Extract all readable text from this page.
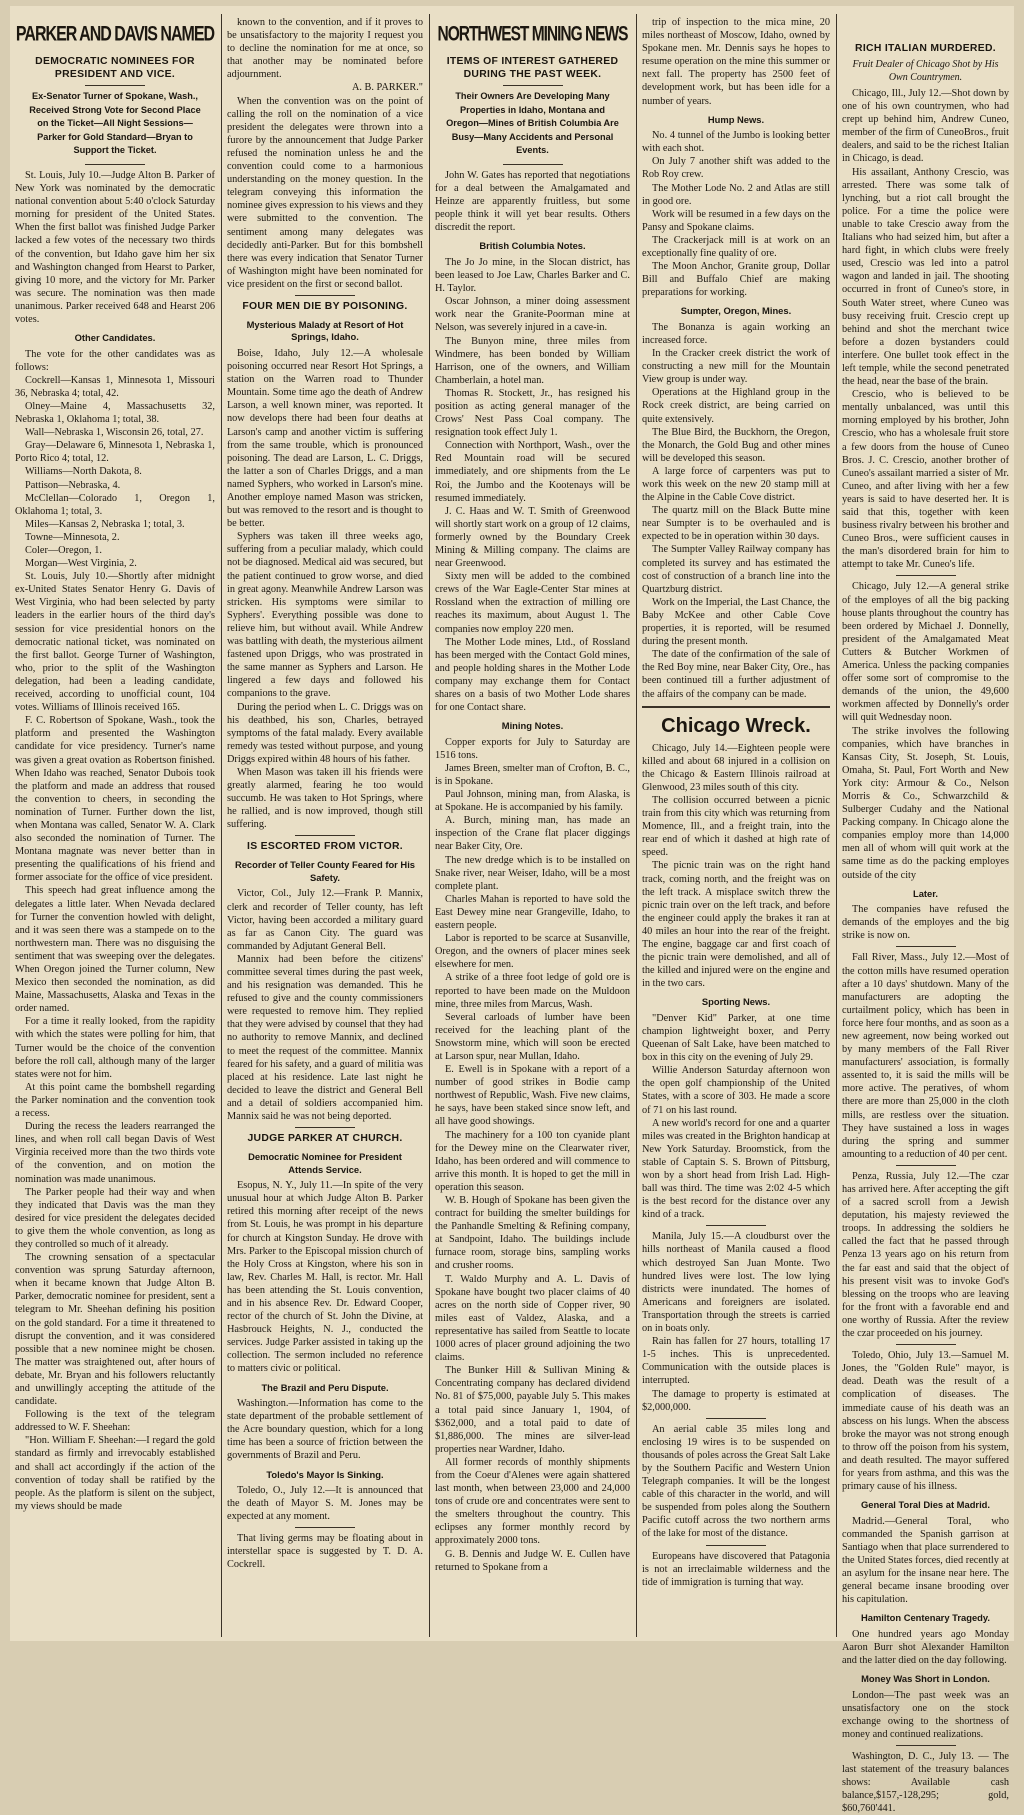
PARKER AND DAVIS NAMED
DEMOCRATIC NOMINEES FOR PRESIDENT AND VICE.
Ex-Senator Turner of Spokane, Wash., Received Strong Vote for Second Place on the Ticket—All Night Sessions—Parker for Gold Standard—Bryan to Support the Ticket.

St. Louis, July 10.—Judge Alton B. Parker of New York was nominated by the democratic national convention about 5:40 o'clock Saturday morning for president of the United States. When the first ballot was finished Judge Parker lacked a few votes of the necessary two thirds of the convention, but Idaho gave him her six and Washington changed from Hearst to Parker, giving 10 more, and the victory for Mr. Parker was secure. The nomination was then made unanimous. Parker received 648 and Hearst 206 votes.

Other Candidates.

The vote for the other candidates was as follows:

Cockrell—Kansas 1, Minnesota 1, Missouri 36, Nebraska 4; total, 42.

Olney—Maine 4, Massachusetts 32, Nebraska 1, Oklahoma 1; total, 38.

Wall—Nebraska 1, Wisconsin 26, total, 27.

Gray—Delaware 6, Minnesota 1, Nebraska 1, Porto Rico 4; total, 12.

Williams—North Dakota, 8.

Pattison—Nebraska, 4.

McClellan—Colorado 1, Oregon 1, Oklahoma 1; total, 3.

Miles—Kansas 2, Nebraska 1; total, 3.

Towne—Minnesota, 2.

Coler—Oregon, 1.

Morgan—West Virginia, 2.

St. Louis, July 10.—Shortly after midnight ex-United States Senator Henry G. Davis of West Virginia, who had been selected by party leaders in the earlier hours of the third day's session for vice presidential honors on the democratic national ticket, was nominated on the first ballot. George Turner of Washington, who, prior to the split of the Washington delegation, had been a leading candidate, received, according to unofficial count, 104 votes. Williams of Illinois received 165.

F. C. Robertson of Spokane, Wash., took the platform and presented the Washington candidate for vice presidency. Turner's name was given a great ovation as Robertson finished. When Idaho was reached, Senator Dubois took the platform and made an address that roused the convention to cheers, in seconding the nomination of Turner. Further down the list, when Montana was called, Senator W. A. Clark also seconded the nomination of Turner. The Montana magnate was never better than in presenting the qualifications of his friend and former associate for the office of vice president.

This speech had great influence among the delegates a little later. When Nevada declared for Turner the convention howled with delight, and it was seen there was a stampede on to the northwestern man. There was no disguising the sentiment that was sweeping over the delegates. When Oregon joined the Turner column, New Mexico then seconded the nomination, as did Maine, Massachusetts, Alaska and Texas in the order named.

For a time it really looked, from the rapidity with which the states were polling for him, that Turner would be the choice of the convention before the roll call, although many of the larger states were not for him.

At this point came the bombshell regarding the Parker nomination and the convention took a recess.

During the recess the leaders rearranged the lines, and when roll call began Davis of West Virginia received more than the two thirds vote of the convention, and on motion the nomination was made unanimous.

The Parker people had their way and when they indicated that Davis was the man they desired for vice president the delegates decided to give them the whole convention, as long as they controlled so much of it already.

The crowning sensation of a spectacular convention was sprung Saturday afternoon, when it became known that Judge Alton B. Parker, democratic nominee for president, sent a telegram to Mr. Sheehan defining his position on the gold standard. For a time it threatened to disrupt the convention, and it was considered possible that a new nominee might be chosen. The matter was straightened out, after hours of debate, Mr. Bryan and his followers reluctantly and unwillingly accepting the attitude of the candidate.

Following is the text of the telegram addressed to W. F. Sheehan:

"Hon. William F. Sheehan:—I regard the gold standard as firmly and irrevocably established and shall act accordingly if the action of the convention of today shall be ratified by the people. As the platform is silent on the subject, my views should be made

known to the convention, and if it proves to be unsatisfactory to the majority I request you to decline the nomination for me at once, so that another may be nominated before adjournment.

A. B. PARKER."

When the convention was on the point of calling the roll on the nomination of a vice president the delegates were thrown into a furore by the announcement that Judge Parker refused the nomination unless he and the convention could come to a harmonious understanding on the money question. In the telegram conveying this information the nominee gives expression to his views and they were submitted to the convention. The sentiment among many delegates was decidedly anti-Parker. But for this bombshell there was every indication that Senator Turner of Washington might have been nominated for vice president on the first or second ballot.

FOUR MEN DIE BY POISONING.
Mysterious Malady at Resort of Hot Springs, Idaho.

Boise, Idaho, July 12.—A wholesale poisoning occurred near Resort Hot Springs, a station on the Warren road to Thunder Mountain. Some time ago the death of Andrew Larson, a well known miner, was reported. It now develops there had been four deaths at Larson's camp and another victim is suffering from the same trouble, which is pronounced poisoning. The dead are Larson, L. C. Driggs, the latter a son of Charles Driggs, and a man named Syphers, who worked in Larson's mine. Another employe named Mason was stricken, but was removed to the resort and is thought to be better.

Syphers was taken ill three weeks ago, suffering from a peculiar malady, which could not be diagnosed. Medical aid was secured, but the patient continued to grow worse, and died in great agony. Meanwhile Andrew Larson was stricken. His symptoms were similar to Syphers'. Everything possible was done to relieve him, but without avail. While Andrew was battling with death, the mysterious ailment fastened upon Driggs, who was prostrated in the same manner as Syphers and Larson. He lingered a few days and followed his companions to the grave.

During the period when L. C. Driggs was on his deathbed, his son, Charles, betrayed symptoms of the fatal malady. Every available remedy was tested without purpose, and young Driggs expired within 48 hours of his father.

When Mason was taken ill his friends were greatly alarmed, fearing he too would succumb. He was taken to Hot Springs, where he rallied, and is now improved, though still suffering.

IS ESCORTED FROM VICTOR.
Recorder of Teller County Feared for His Safety.

Victor, Col., July 12.—Frank P. Mannix, clerk and recorder of Teller county, has left Victor, having been accorded a military guard as far as Canon City. The guard was commanded by Adjutant General Bell.

Mannix had been before the citizens' committee several times during the past week, and his resignation was demanded. This he refused to give and the county commissioners were requested to remove him. They replied that they were advised by counsel that they had no authority to remove Mannix, and declined to meet the request of the committee. Mannix feared for his safety, and a guard of militia was placed at his residence. Late last night he decided to leave the district and General Bell and a detail of soldiers accompanied him. Mannix said he was not being deported.

JUDGE PARKER AT CHURCH.
Democratic Nominee for President Attends Service.

Esopus, N. Y., July 11.—In spite of the very unusual hour at which Judge Alton B. Parker retired this morning after receipt of the news from St. Louis, he was prompt in his departure for church at Kingston Sunday. He drove with Mrs. Parker to the Episcopal mission church of the Holy Cross at Kingston, where his son in law, Rev. Charles M. Hall, is rector. Mr. Hall has been attending the St. Louis convention, and in his absence Rev. Dr. Edward Cooper, rector of the church of St. John the Divine, at Hasbrouck Heights, N. J., conducted the services. Judge Parker assisted in taking up the collection. The sermon included no reference to matters civic or political.

The Brazil and Peru Dispute.

Washington.—Information has come to the state department of the probable settlement of the Acre boundary question, which for a long time has been a source of friction between the governments of Brazil and Peru.

Toledo's Mayor Is Sinking.

Toledo, O., July 12.—It is announced that the death of Mayor S. M. Jones may be expected at any moment.

That living germs may be floating about in interstellar space is suggested by T. D. A. Cockrell.

NORTHWEST MINING NEWS
ITEMS OF INTEREST GATHERED DURING THE PAST WEEK.
Their Owners Are Developing Many Properties in Idaho, Montana and Oregon—Mines of British Columbia Are Busy—Many Accidents and Personal Events.

John W. Gates has reported that negotiations for a deal between the Amalgamated and Heinze are apparently fruitless, but some people think it will yet bear results. Others discredit the report.

British Columbia Notes.

The Jo Jo mine, in the Slocan district, has been leased to Joe Law, Charles Barker and C. H. Taylor.

Oscar Johnson, a miner doing assessment work near the Granite-Poorman mine at Nelson, was severely injured in a cave-in.

The Bunyon mine, three miles from Windmere, has been bonded by William Harrison, one of the owners, and William Chamberlain, a hotel man.

Thomas R. Stockett, Jr., has resigned his position as acting general manager of the Crows' Nest Pass Coal company. The resignation took effect July 1.

Connection with Northport, Wash., over the Red Mountain road will be secured immediately, and ore shipments from the Le Roi, the Jumbo and the Kootenays will be resumed immediately.

J. C. Haas and W. T. Smith of Greenwood will shortly start work on a group of 12 claims, formerly owned by the Boundary Creek Mining & Milling company. The claims are near Greenwood.

Sixty men will be added to the combined crews of the War Eagle-Center Star mines at Rossland when the extraction of milling ore reaches its maximum, about August 1. The companies now employ 220 men.

The Mother Lode mines, Ltd., of Rossland has been merged with the Contact Gold mines, and people holding shares in the Mother Lode company may exchange them for Contact shares on a basis of two Mother Lode shares for one Contact share.

Mining Notes.

Copper exports for July to Saturday are 1516 tons.

James Breen, smelter man of Crofton, B. C., is in Spokane.

Paul Johnson, mining man, from Alaska, is at Spokane. He is accompanied by his family.

A. Burch, mining man, has made an inspection of the Crane flat placer diggings near Baker City, Ore.

The new dredge which is to be installed on Snake river, near Weiser, Idaho, will be a most complete plant.

Charles Mahan is reported to have sold the East Dewey mine near Grangeville, Idaho, to eastern people.

Labor is reported to be scarce at Susanville, Oregon, and the owners of placer mines seek elsewhere for men.

A strike of a three foot ledge of gold ore is reported to have been made on the Muldoon mine, three miles from Marcus, Wash.

Several carloads of lumber have been received for the leaching plant of the Snowstorm mine, which will soon be erected at Larson spur, near Mullan, Idaho.

E. Ewell is in Spokane with a report of a number of good strikes in Bodie camp northwest of Republic, Wash. Five new claims, he says, have been staked since snow left, and all have good showings.

The machinery for a 100 ton cyanide plant for the Dewey mine on the Clearwater river, Idaho, has been ordered and will commence to arrive this month. It is hoped to get the mill in operation this season.

W. B. Hough of Spokane has been given the contract for building the smelter buildings for the Panhandle Smelting & Refining company, at Sandpoint, Idaho. The buildings include furnace room, storage bins, sampling works and crusher rooms.

T. Waldo Murphy and A. L. Davis of Spokane have bought two placer claims of 40 acres on the north side of Copper river, 90 miles east of Valdez, Alaska, and a representative has sailed from Seattle to locate 1000 acres of placer ground adjoining the two claims.

The Bunker Hill & Sullivan Mining & Concentrating company has declared dividend No. 81 of $75,000, payable July 5. This makes a total paid since January 1, 1904, of $362,000, and a total paid to date of $1,886,000. The mines are silver-lead properties near Wardner, Idaho.

All former records of monthly shipments from the Coeur d'Alenes were again shattered last month, when between 23,000 and 24,000 tons of crude ore and concentrates were sent to the smelters throughout the country. This eclipses any former monthly record by approximately 2000 tons.

G. B. Dennis and Judge W. E. Cullen have returned to Spokane from a

trip of inspection to the mica mine, 20 miles northeast of Moscow, Idaho, owned by Spokane men. Mr. Dennis says he hopes to resume operation on the mine this summer or next fall. The property has 2500 feet of development work, but has been idle for a number of years.

Hump News.

No. 4 tunnel of the Jumbo is looking better with each shot.

On July 7 another shift was added to the Rob Roy crew.

The Mother Lode No. 2 and Atlas are still in good ore.

Work will be resumed in a few days on the Pansy and Spokane claims.

The Crackerjack mill is at work on an exceptionally fine quality of ore.

The Moon Anchor, Granite group, Dollar Bill and Buffalo Chief are making preparations for working.

Sumpter, Oregon, Mines.

The Bonanza is again working an increased force.

In the Cracker creek district the work of constructing a new mill for the Mountain View group is under way.

Operations at the Highland group in the Rock creek district, are being carried on quite extensively.

The Blue Bird, the Buckhorn, the Oregon, the Monarch, the Gold Bug and other mines will be developed this season.

A large force of carpenters was put to work this week on the new 20 stamp mill at the Alpine in the Cable Cove district.

The quartz mill on the Black Butte mine near Sumpter is to be overhauled and is expected to be in operation within 30 days.

The Sumpter Valley Railway company has completed its survey and has estimated the cost of construction of a branch line into the Quartzburg district.

Work on the Imperial, the Last Chance, the Baby McKee and other Cable Cove properties, it is reported, will be resumed during the present month.

The date of the confirmation of the sale of the Red Boy mine, near Baker City, Ore., has been continued till a further adjustment of the affairs of the company can be made.

Chicago Wreck.

Chicago, July 14.—Eighteen people were killed and about 68 injured in a collision on the Chicago & Eastern Illinois railroad at Glenwood, 23 miles south of this city.

The collision occurred between a picnic train from this city which was returning from Momence, Ill., and a freight train, into the rear end of which it dashed at high rate of speed.

The picnic train was on the right hand track, coming north, and the freight was on the left track. A misplace switch threw the picnic train over on the left track, and before the engineer could apply the brakes it ran at 40 miles an hour into the rear of the freight. The engine, baggage car and first coach of the picnic train were demolished, and all of the killed and injured were on the engine and in the two cars.

Sporting News.

"Denver Kid" Parker, at one time champion lightweight boxer, and Perry Queenan of Salt Lake, have been matched to box in this city on the evening of July 29.

Willie Anderson Saturday afternoon won the open golf championship of the United States, with a score of 303. He made a score of 71 on his last round.

A new world's record for one and a quarter miles was created in the Brighton handicap at New York Saturday. Broomstick, from the stable of Captain S. S. Brown of Pittsburg, won by a short head from Irish Lad. High-ball was third. The time was 2:02 4-5 which is the best record for the distance over any kind of a track.

Manila, July 15.—A cloudburst over the hills northeast of Manila caused a flood which destroyed San Juan Monte. Two hundred lives were lost. The low lying districts were inundated. The homes of Americans and foreigners are isolated. Transportation through the streets is carried on in boats only.

Rain has fallen for 27 hours, totalling 17 1-5 inches. This is unprecedented. Communication with the outside places is interrupted.

The damage to property is estimated at $2,000,000.

An aerial cable 35 miles long and enclosing 19 wires is to be suspended on thousands of poles across the Great Salt Lake by the Southern Pacific and Western Union Telegraph companies. It will be the longest cable of this character in the world, and will be suspended from poles along the Southern Pacific cutoff across the two northern arms of the lake for most of the distance.

Europeans have discovered that Patagonia is not an irreclaimable wilderness and the tide of immigration is turning that way.

RICH ITALIAN MURDERED.
Fruit Dealer of Chicago Shot by His Own Countrymen.

Chicago, Ill., July 12.—Shot down by one of his own countrymen, who had crept up behind him, Andrew Cuneo, member of the firm of CuneoBros., fruit dealers, and said to be the richest Italian in Chicago, is dead.

His assailant, Anthony Crescio, was arrested. There was some talk of lynching, but a riot call brought the police. For a time the police were unable to take Crescio away from the Italians who had seized him, but after a hard fight, in which clubs were freely used, Crescio was led into a patrol wagon and landed in jail. The shooting occurred in front of Cuneo's store, in South Water street, where Cuneo was busy receiving fruit. Crescio crept up behind and shot the merchant twice before a dozen bystanders could interfere. One bullet took effect in the left temple, while the second penetrated the head, near the base of the brain.

Crescio, who is believed to be mentally unbalanced, was until this morning employed by his brother, John Crescio, who has a wholesale fruit store a few doors from the house of Cuneo Bros. J. C. Crescio, another brother of Cuneo's assailant married a sister of Mr. Cuneo, and after living with her a few years is said to have deserted her. It is said that this, together with keen business rivalry between his brother and Cuneo Bros., were sufficient causes in the man's disordered brain for him to attempt to take Mr. Cuneo's life.

Chicago, July 12.—A general strike of the employes of all the big packing house plants throughout the country has been ordered by Michael J. Donnelly, president of the Amalgamated Meat Cutters & Butcher Workmen of America. Unless the packing companies offer some sort of compromise to the demands of the union, the 49,600 workmen affected by Donnelly's order will quit Wednesday noon.

The strike involves the following companies, which have branches in Kansas City, St. Joseph, St. Louis, Omaha, St. Paul, Fort Worth and New York city: Armour & Co., Nelson Morris & Co., Schwarzchild & Sulberger Cudahy and the National Packing company. In Chicago alone the companies employ more than 14,000 men all of whom will quit work at the same time as do the packing employes outside of the city

Later.

The companies have refused the demands of the employes and the big strike is now on.

Fall River, Mass., July 12.—Most of the cotton mills have resumed operation after a 10 days' shutdown. Many of the manufacturers are adopting the curtailment policy, which has been in force here four months, and as soon as a new agreement, now being worked out by many members of the Fall River manufacturers' association, is formally assented to, it is said the mills will be more active. The peratives, of whom there are more than 25,000 in the cloth mills, are restless over the situation. They have sustained a loss in wages during the spring and summer amounting to a reduction of 40 per cent.

Penza, Russia, July 12.—The czar has arrived here. After accepting the gift of a sacred scroll from a Jewish deputation, his majesty reviewed the troops. In addressing the soldiers he called the fact that he passed through Penza 13 years ago on his return from the far east and said that the object of his present visit was to invoke God's blessing on the troops who are leaving for the front with a favorable end and one worthy of Russia. After the review the czar proceeded on his journey.

Toledo, Ohio, July 13.—Samuel M. Jones, the "Golden Rule" mayor, is dead. Death was the result of a complication of diseases. The immediate cause of his death was an abscess on his lungs. When the abscess broke the mayor was not strong enough to throw off the poison from his system, and death resulted. The mayor suffered for years from asthma, and this was the primary cause of his illness.

General Toral Dies at Madrid.

Madrid.—General Toral, who commanded the Spanish garrison at Santiago when that place surrendered to the United States forces, died recently at an asylum for the insane near here. The general became insane brooding over his capitulation.

Hamilton Centenary Tragedy.

One hundred years ago Monday Aaron Burr shot Alexander Hamilton and the latter died on the day following.

Money Was Short in London.

London—The past week was an unsatisfactory one on the stock exchange owing to the shortness of money and continued realizations.

Washington, D. C., July 13. — The last statement of the treasury balances shows: Available cash balance,$157,-128,295; gold, $60,760'441.
